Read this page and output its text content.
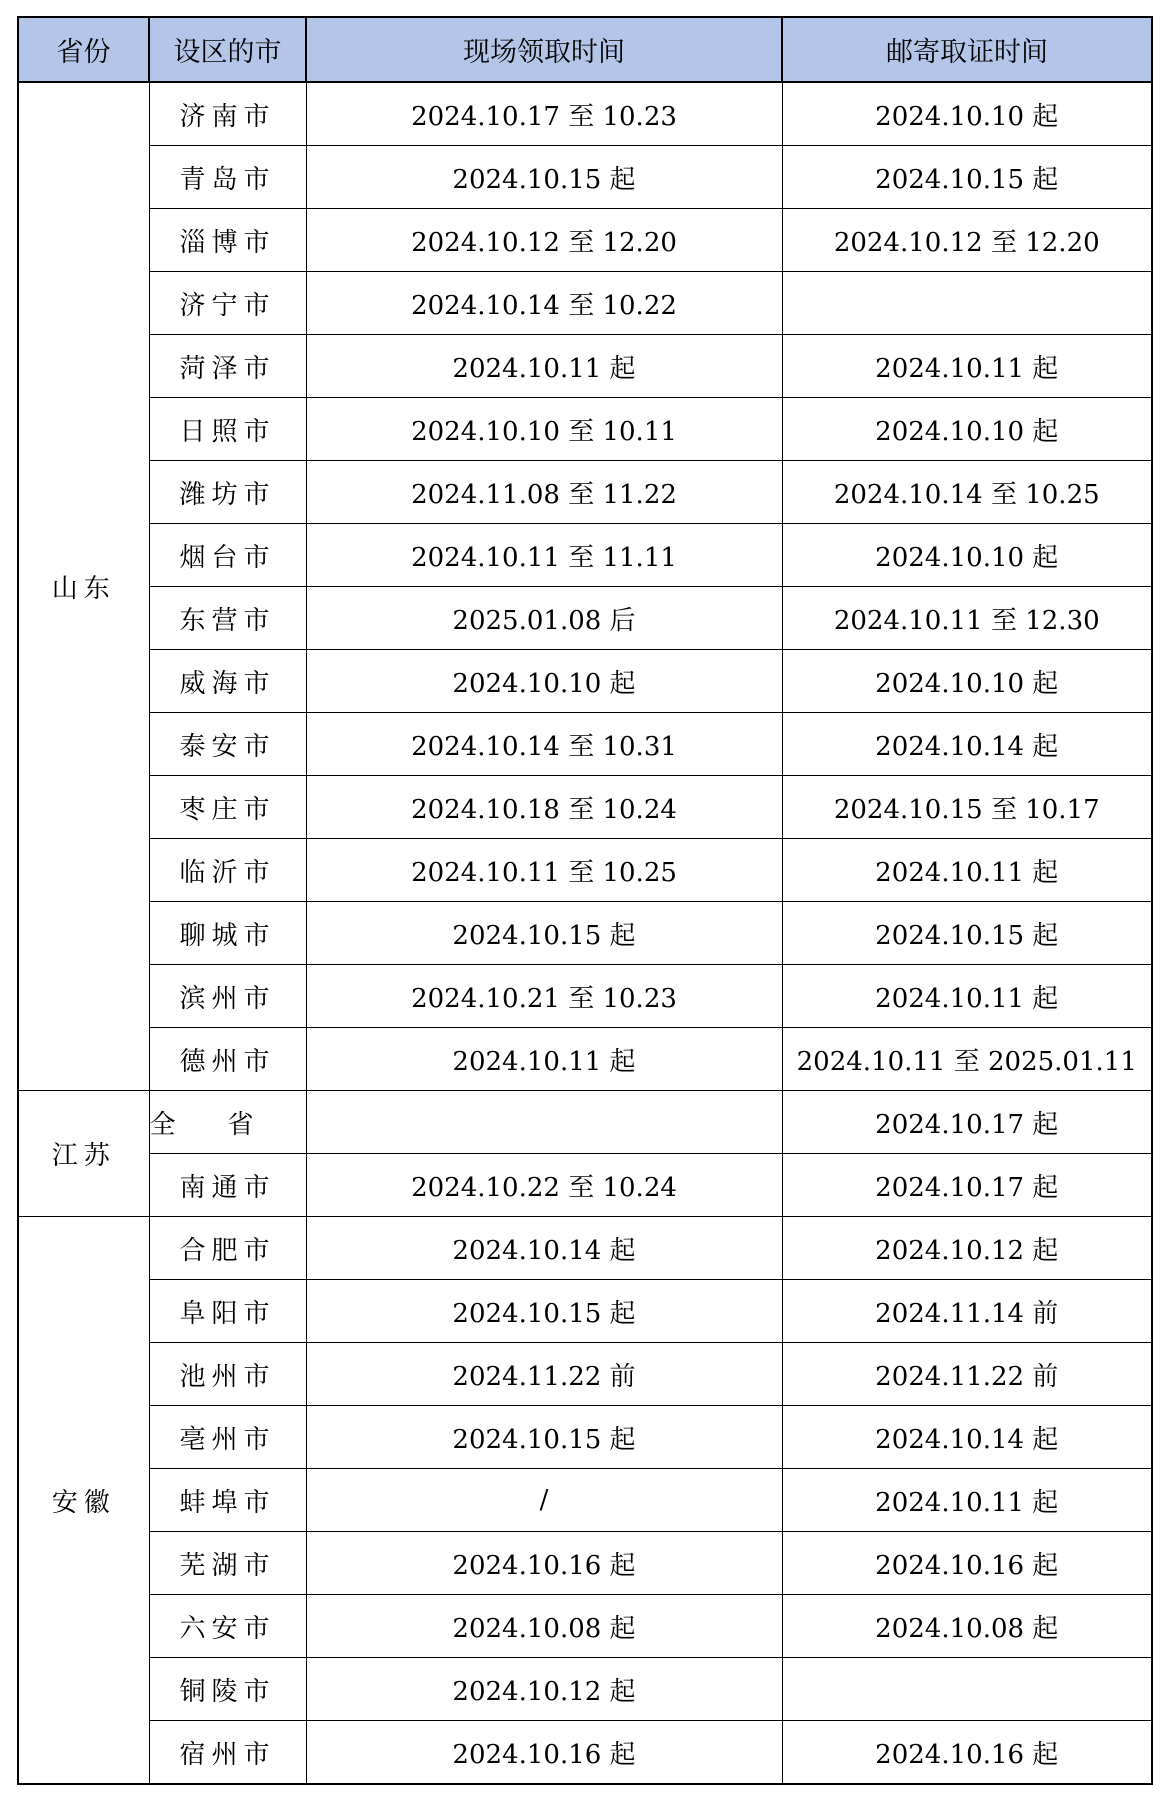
省份	设区的市	现场领取时间	邮寄取证时间
山东	济南市	2024.10.17 至 10.23	2024.10.10 起
	青岛市	2024.10.15 起	2024.10.15 起
	淄博市	2024.10.12 至 12.20	2024.10.12 至 12.20
	济宁市	2024.10.14 至 10.22	
	菏泽市	2024.10.11 起	2024.10.11 起
	日照市	2024.10.10 至 10.11	2024.10.10 起
	潍坊市	2024.11.08 至 11.22	2024.10.14 至 10.25
	烟台市	2024.10.11 至 11.11	2024.10.10 起
	东营市	2025.01.08 后	2024.10.11 至 12.30
	威海市	2024.10.10 起	2024.10.10 起
	泰安市	2024.10.14 至 10.31	2024.10.14 起
	枣庄市	2024.10.18 至 10.24	2024.10.15 至 10.17
	临沂市	2024.10.11 至 10.25	2024.10.11 起
	聊城市	2024.10.15 起	2024.10.15 起
	滨州市	2024.10.21 至 10.23	2024.10.11 起
	德州市	2024.10.11 起	2024.10.11 至 2025.01.11
江苏	全省		2024.10.17 起
	南通市	2024.10.22 至 10.24	2024.10.17 起
安徽	合肥市	2024.10.14 起	2024.10.12 起
	阜阳市	2024.10.15 起	2024.11.14 前
	池州市	2024.11.22 前	2024.11.22 前
	亳州市	2024.10.15 起	2024.10.14 起
	蚌埠市	/	2024.10.11 起
	芜湖市	2024.10.16 起	2024.10.16 起
	六安市	2024.10.08 起	2024.10.08 起
	铜陵市	2024.10.12 起	
	宿州市	2024.10.16 起	2024.10.16 起
